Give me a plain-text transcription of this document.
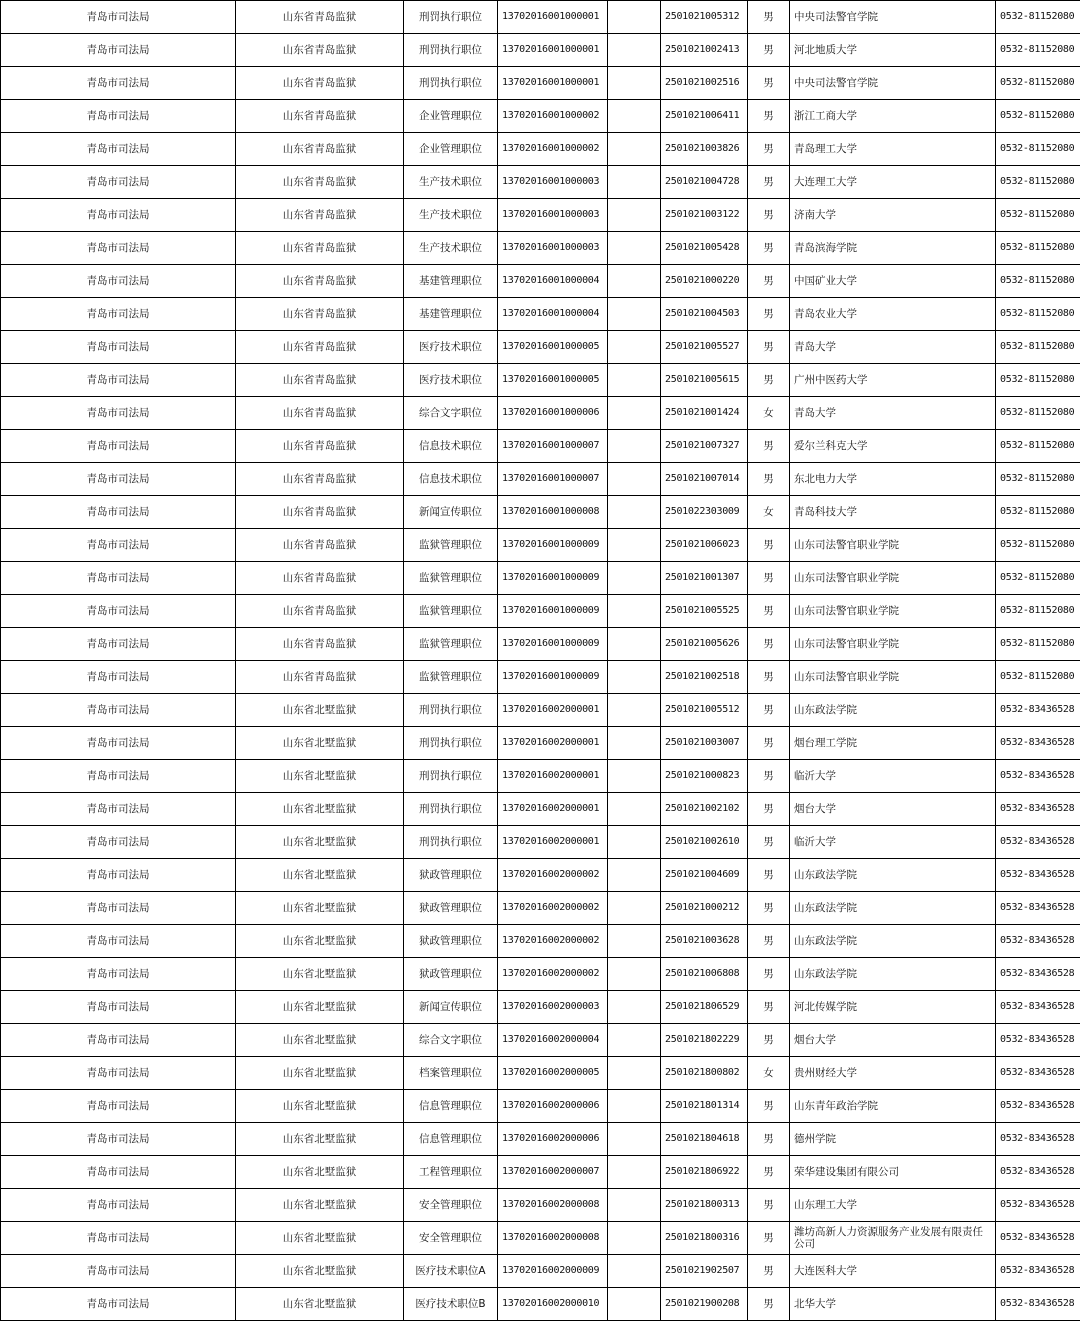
青岛市司法局	山东省青岛监狱	刑罚执行职位	13702016001000001		2501021005312	男	中央司法警官学院	0532-81152080
青岛市司法局	山东省青岛监狱	刑罚执行职位	13702016001000001		2501021002413	男	河北地质大学	0532-81152080
青岛市司法局	山东省青岛监狱	刑罚执行职位	13702016001000001		2501021002516	男	中央司法警官学院	0532-81152080
青岛市司法局	山东省青岛监狱	企业管理职位	13702016001000002		2501021006411	男	浙江工商大学	0532-81152080
青岛市司法局	山东省青岛监狱	企业管理职位	13702016001000002		2501021003826	男	青岛理工大学	0532-81152080
青岛市司法局	山东省青岛监狱	生产技术职位	13702016001000003		2501021004728	男	大连理工大学	0532-81152080
青岛市司法局	山东省青岛监狱	生产技术职位	13702016001000003		2501021003122	男	济南大学	0532-81152080
青岛市司法局	山东省青岛监狱	生产技术职位	13702016001000003		2501021005428	男	青岛滨海学院	0532-81152080
青岛市司法局	山东省青岛监狱	基建管理职位	13702016001000004		2501021000220	男	中国矿业大学	0532-81152080
青岛市司法局	山东省青岛监狱	基建管理职位	13702016001000004		2501021004503	男	青岛农业大学	0532-81152080
青岛市司法局	山东省青岛监狱	医疗技术职位	13702016001000005		2501021005527	男	青岛大学	0532-81152080
青岛市司法局	山东省青岛监狱	医疗技术职位	13702016001000005		2501021005615	男	广州中医药大学	0532-81152080
青岛市司法局	山东省青岛监狱	综合文字职位	13702016001000006		2501021001424	女	青岛大学	0532-81152080
青岛市司法局	山东省青岛监狱	信息技术职位	13702016001000007		2501021007327	男	爱尔兰科克大学	0532-81152080
青岛市司法局	山东省青岛监狱	信息技术职位	13702016001000007		2501021007014	男	东北电力大学	0532-81152080
青岛市司法局	山东省青岛监狱	新闻宣传职位	13702016001000008		2501022303009	女	青岛科技大学	0532-81152080
青岛市司法局	山东省青岛监狱	监狱管理职位	13702016001000009		2501021006023	男	山东司法警官职业学院	0532-81152080
青岛市司法局	山东省青岛监狱	监狱管理职位	13702016001000009		2501021001307	男	山东司法警官职业学院	0532-81152080
青岛市司法局	山东省青岛监狱	监狱管理职位	13702016001000009		2501021005525	男	山东司法警官职业学院	0532-81152080
青岛市司法局	山东省青岛监狱	监狱管理职位	13702016001000009		2501021005626	男	山东司法警官职业学院	0532-81152080
青岛市司法局	山东省青岛监狱	监狱管理职位	13702016001000009		2501021002518	男	山东司法警官职业学院	0532-81152080
青岛市司法局	山东省北墅监狱	刑罚执行职位	13702016002000001		2501021005512	男	山东政法学院	0532-83436528
青岛市司法局	山东省北墅监狱	刑罚执行职位	13702016002000001		2501021003007	男	烟台理工学院	0532-83436528
青岛市司法局	山东省北墅监狱	刑罚执行职位	13702016002000001		2501021000823	男	临沂大学	0532-83436528
青岛市司法局	山东省北墅监狱	刑罚执行职位	13702016002000001		2501021002102	男	烟台大学	0532-83436528
青岛市司法局	山东省北墅监狱	刑罚执行职位	13702016002000001		2501021002610	男	临沂大学	0532-83436528
青岛市司法局	山东省北墅监狱	狱政管理职位	13702016002000002		2501021004609	男	山东政法学院	0532-83436528
青岛市司法局	山东省北墅监狱	狱政管理职位	13702016002000002		2501021000212	男	山东政法学院	0532-83436528
青岛市司法局	山东省北墅监狱	狱政管理职位	13702016002000002		2501021003628	男	山东政法学院	0532-83436528
青岛市司法局	山东省北墅监狱	狱政管理职位	13702016002000002		2501021006808	男	山东政法学院	0532-83436528
青岛市司法局	山东省北墅监狱	新闻宣传职位	13702016002000003		2501021806529	男	河北传媒学院	0532-83436528
青岛市司法局	山东省北墅监狱	综合文字职位	13702016002000004		2501021802229	男	烟台大学	0532-83436528
青岛市司法局	山东省北墅监狱	档案管理职位	13702016002000005		2501021800802	女	贵州财经大学	0532-83436528
青岛市司法局	山东省北墅监狱	信息管理职位	13702016002000006		2501021801314	男	山东青年政治学院	0532-83436528
青岛市司法局	山东省北墅监狱	信息管理职位	13702016002000006		2501021804618	男	德州学院	0532-83436528
青岛市司法局	山东省北墅监狱	工程管理职位	13702016002000007		2501021806922	男	荣华建设集团有限公司	0532-83436528
青岛市司法局	山东省北墅监狱	安全管理职位	13702016002000008		2501021800313	男	山东理工大学	0532-83436528
青岛市司法局	山东省北墅监狱	安全管理职位	13702016002000008		2501021800316	男	潍坊高新人力资源服务产业发展有限责任公司	0532-83436528
青岛市司法局	山东省北墅监狱	医疗技术职位A	13702016002000009		2501021902507	男	大连医科大学	0532-83436528
青岛市司法局	山东省北墅监狱	医疗技术职位B	13702016002000010		2501021900208	男	北华大学	0532-83436528
